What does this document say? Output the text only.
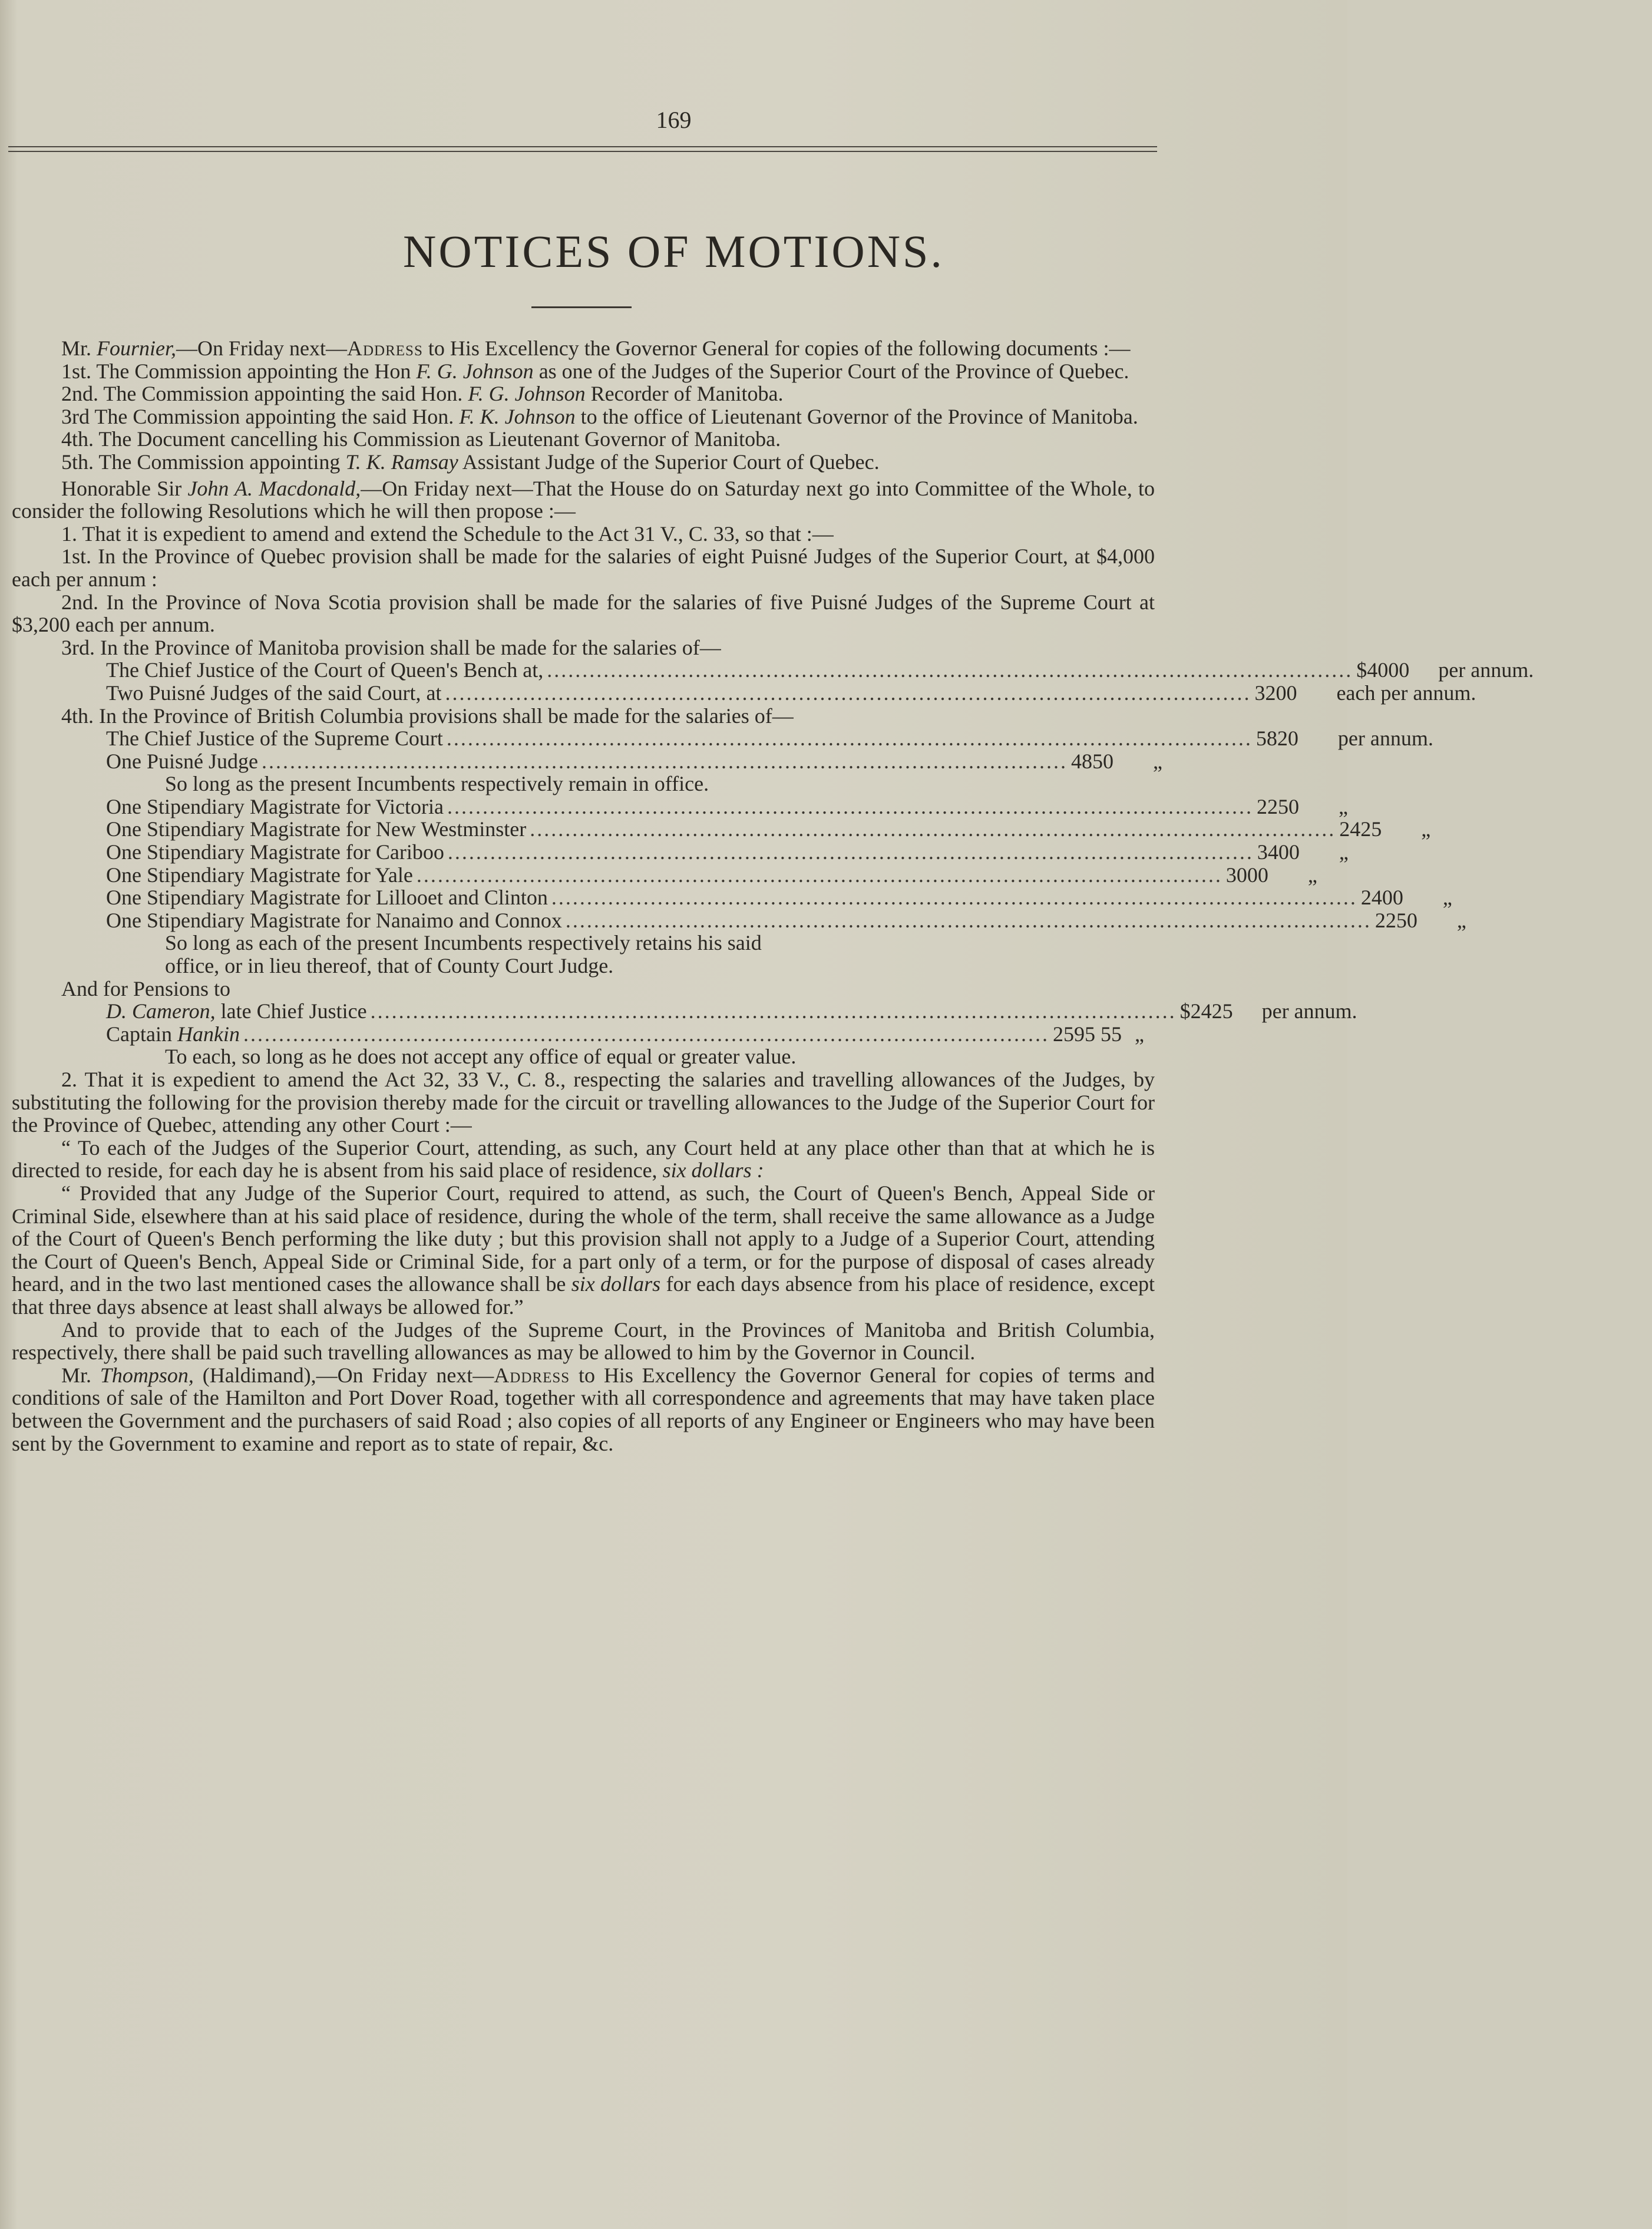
169
NOTICES OF MOTIONS.
Mr. Fournier,—On Friday next—Address to His Excellency the Governor General for copies of the following documents :—
1st. The Commission appointing the Hon F. G. Johnson as one of the Judges of the Superior Court of the Province of Quebec.
2nd. The Commission appointing the said Hon. F. G. Johnson Recorder of Manitoba.
3rd The Commission appointing the said Hon. F. K. Johnson to the office of Lieutenant Governor of the Province of Manitoba.
4th. The Document cancelling his Commission as Lieutenant Governor of Manitoba.
5th. The Commission appointing T. K. Ramsay Assistant Judge of the Superior Court of Quebec.
Honorable Sir John A. Macdonald,—On Friday next—That the House do on Saturday next go into Committee of the Whole, to consider the following Resolutions which he will then propose :—
1. That it is expedient to amend and extend the Schedule to the Act 31 V., C. 33, so that :—
1st. In the Province of Quebec provision shall be made for the salaries of eight Puisné Judges of the Superior Court, at $4,000 each per annum :
2nd. In the Province of Nova Scotia provision shall be made for the salaries of five Puisné Judges of the Supreme Court at $3,200 each per annum.
3rd. In the Province of Manitoba provision shall be made for the salaries of—
The Chief Justice of the Court of Queen's Bench at, .................................................................................................................. $4000 per annum.
Two Puisné Judges of the said Court, at .................................................................................................................. 3200 each per annum.
4th. In the Province of British Columbia provisions shall be made for the salaries of—
The Chief Justice of the Supreme Court .................................................................................................................. 5820 per annum.
One Puisné Judge .................................................................................................................. 4850 „
So long as the present Incumbents respectively remain in office.
One Stipendiary Magistrate for Victoria .................................................................................................................. 2250 „
One Stipendiary Magistrate for New Westminster .................................................................................................................. 2425 „
One Stipendiary Magistrate for Cariboo .................................................................................................................. 3400 „
One Stipendiary Magistrate for Yale .................................................................................................................. 3000 „
One Stipendiary Magistrate for Lillooet and Clinton .................................................................................................................. 2400 „
One Stipendiary Magistrate for Nanaimo and Connox .................................................................................................................. 2250 „
So long as each of the present Incumbents respectively retains his said
office, or in lieu thereof, that of County Court Judge.
And for Pensions to
D. Cameron, late Chief Justice .................................................................................................................. $2425 per annum.
Captain Hankin .................................................................................................................. 2595 55 „
To each, so long as he does not accept any office of equal or greater value.
2. That it is expedient to amend the Act 32, 33 V., C. 8., respecting the salaries and travelling allowances of the Judges, by substituting the following for the provision thereby made for the circuit or travelling allowances to the Judge of the Superior Court for the Province of Quebec, attending any other Court :—
“ To each of the Judges of the Superior Court, attending, as such, any Court held at any place other than that at which he is directed to reside, for each day he is absent from his said place of residence, six dollars :
“ Provided that any Judge of the Superior Court, required to attend, as such, the Court of Queen's Bench, Appeal Side or Criminal Side, elsewhere than at his said place of residence, during the whole of the term, shall receive the same allowance as a Judge of the Court of Queen's Bench performing the like duty ; but this provision shall not apply to a Judge of a Superior Court, attending the Court of Queen's Bench, Appeal Side or Criminal Side, for a part only of a term, or for the purpose of disposal of cases already heard, and in the two last mentioned cases the allowance shall be six dollars for each days absence from his place of residence, except that three days absence at least shall always be allowed for.”
And to provide that to each of the Judges of the Supreme Court, in the Provinces of Manitoba and British Columbia, respectively, there shall be paid such travelling allowances as may be allowed to him by the Governor in Council.
Mr. Thompson, (Haldimand),—On Friday next—Address to His Excellency the Governor General for copies of terms and conditions of sale of the Hamilton and Port Dover Road, together with all correspondence and agreements that may have taken place between the Government and the purchasers of said Road ; also copies of all reports of any Engineer or Engineers who may have been sent by the Government to examine and report as to state of repair, &c.
